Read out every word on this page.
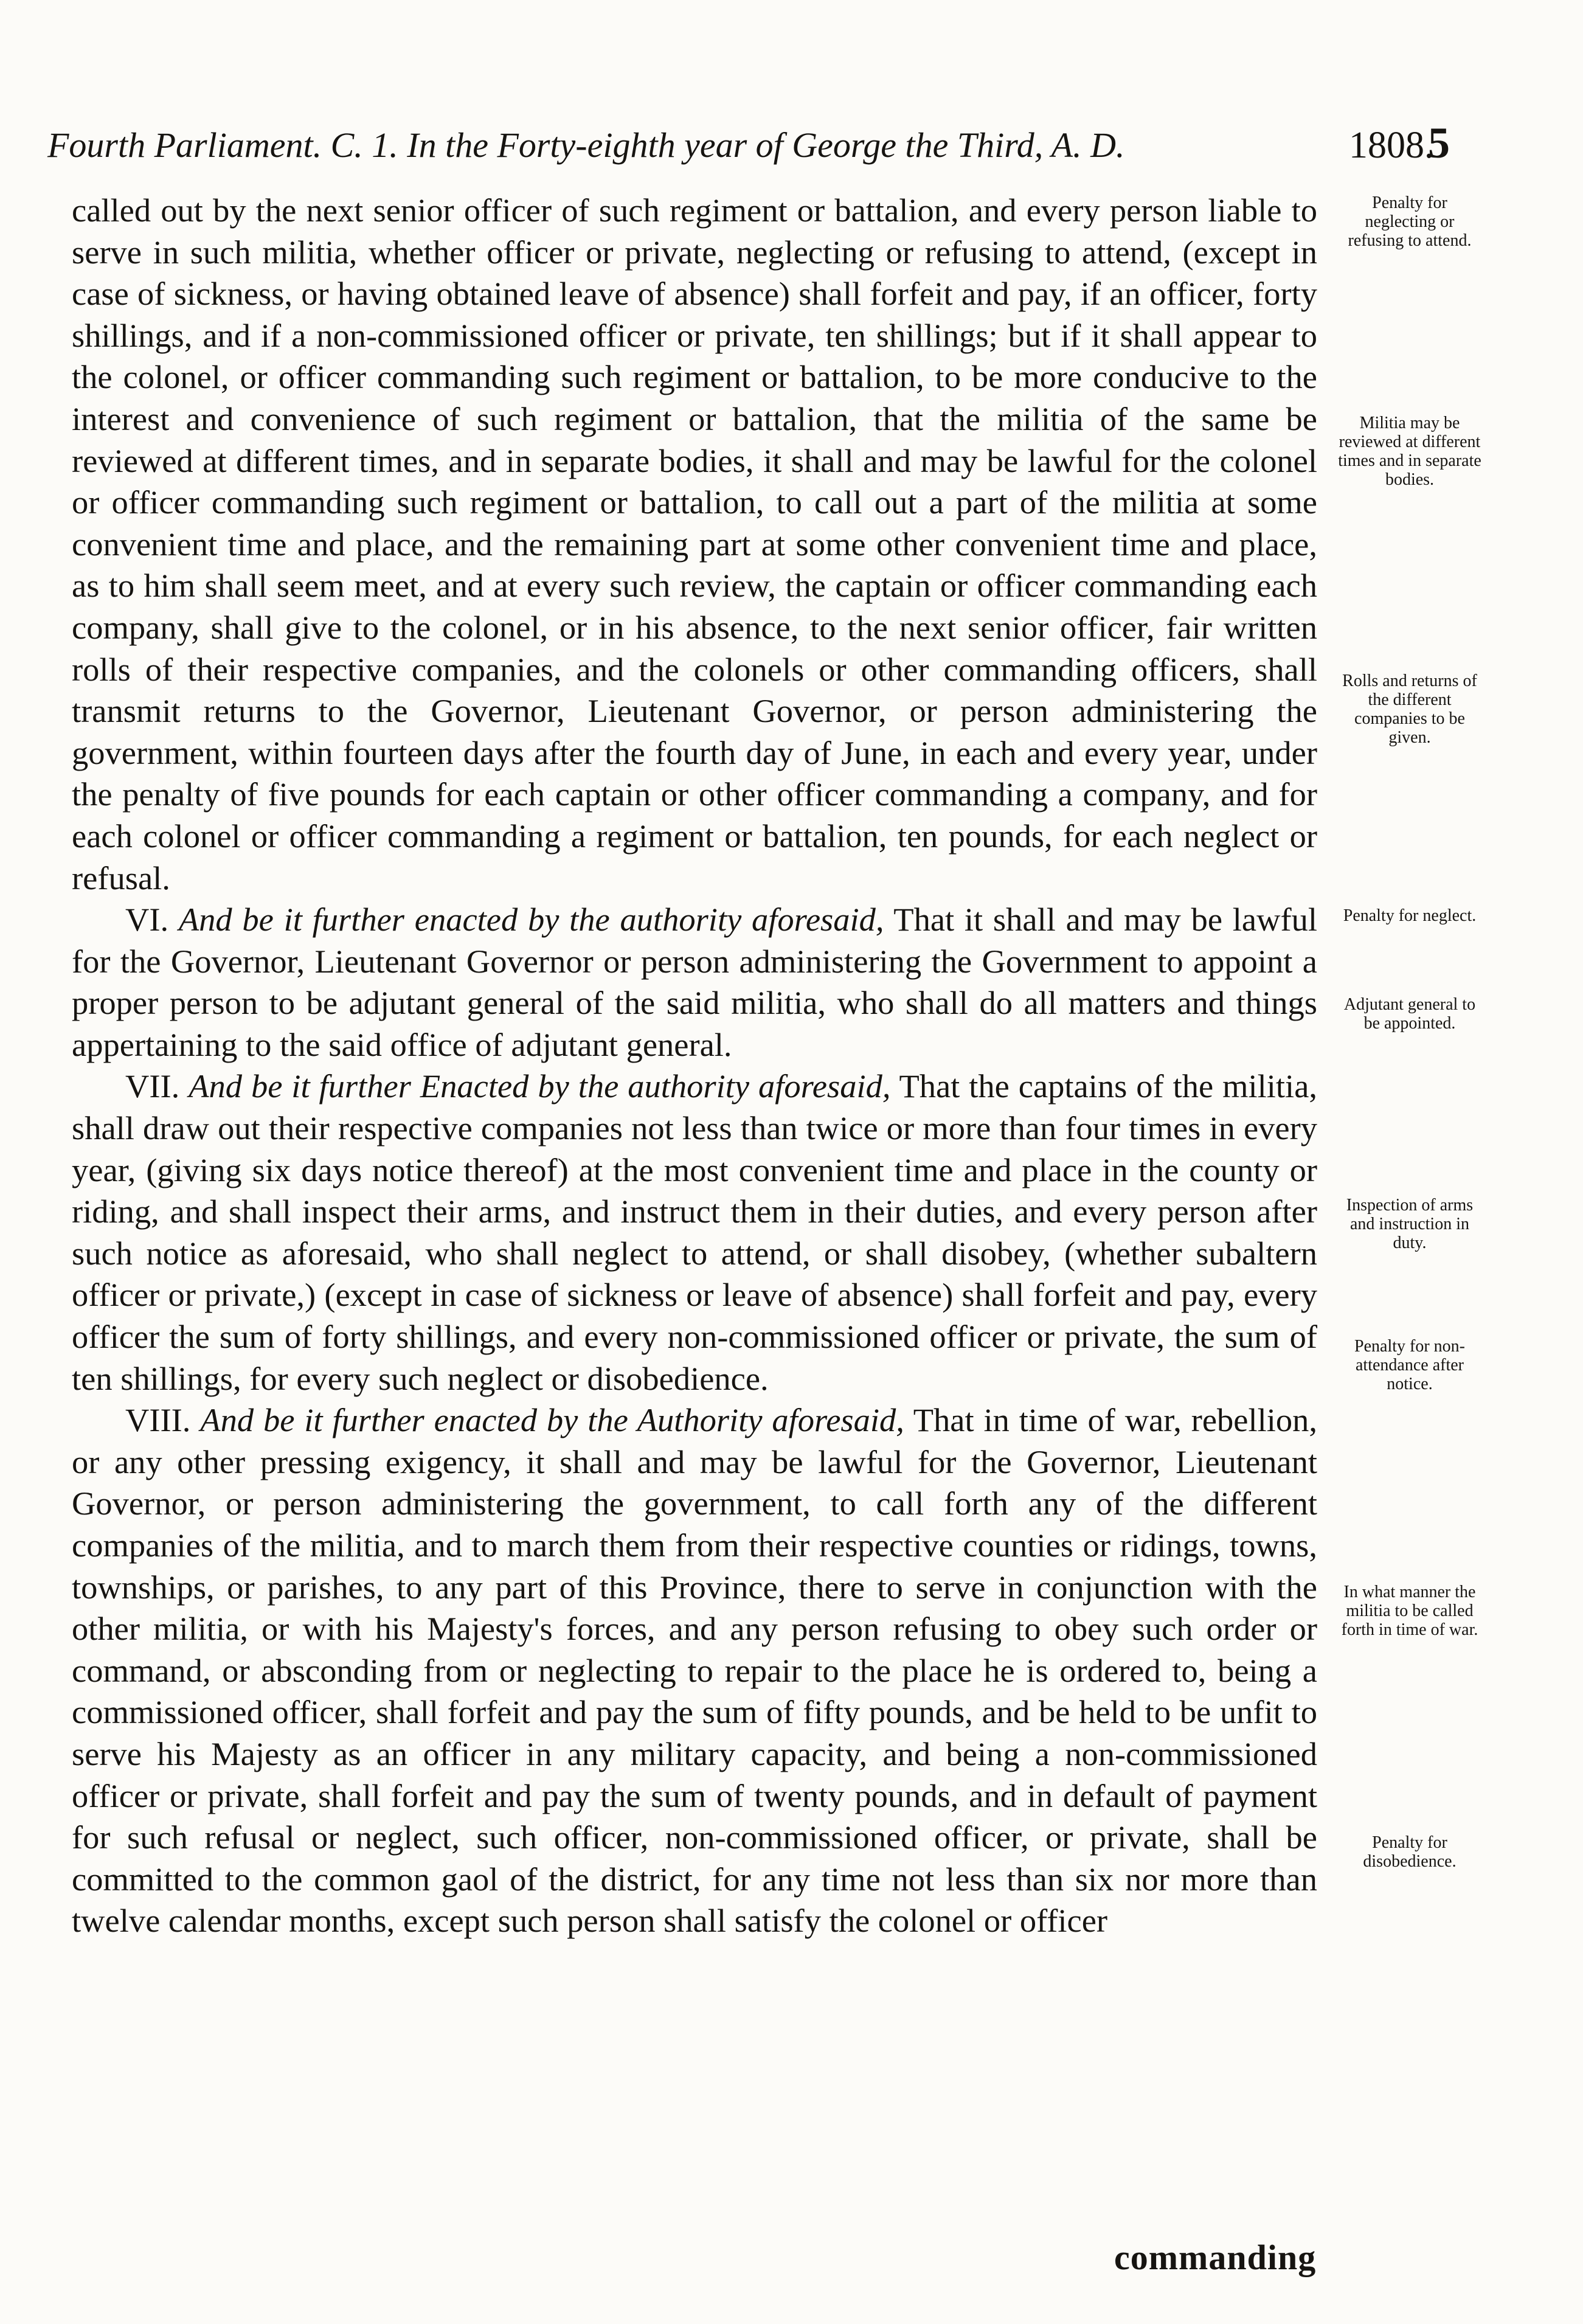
Fourth Parliament. C. 1. In the Forty-eighth year of George the Third, A. D.	1808.
5

called out by the next senior officer of such regiment or battalion, and every person liable to serve in such militia, whether officer or private, neglecting or refusing to attend, (except in case of sickness, or having obtained leave of absence) shall forfeit and pay, if an officer, forty shillings, and if a non-commissioned officer or private, ten shillings; but if it shall appear to the colonel, or officer commanding such regiment or battalion, to be more conducive to the interest and convenience of such regiment or battalion, that the militia of the same be reviewed at different times, and in separate bodies, it shall and may be lawful for the colonel or officer commanding such regiment or battalion, to call out a part of the militia at some convenient time and place, and the remaining part at some other convenient time and place, as to him shall seem meet, and at every such review, the captain or officer commanding each company, shall give to the colonel, or in his absence, to the next senior officer, fair written rolls of their respective companies, and the colonels or other commanding officers, shall transmit returns to the Governor, Lieutenant Governor, or person administering the government, within fourteen days after the fourth day of June, in each and every year, under the penalty of five pounds for each captain or other officer commanding a company, and for each colonel or officer commanding a regiment or battalion, ten pounds, for each neglect or refusal.

VI. And be it further enacted by the authority aforesaid, That it shall and may be lawful for the Governor, Lieutenant Governor or person administering the Government to appoint a proper person to be adjutant general of the said militia, who shall do all matters and things appertaining to the said office of adjutant general.

VII. And be it further Enacted by the authority aforesaid, That the captains of the militia, shall draw out their respective companies not less than twice or more than four times in every year, (giving six days notice thereof) at the most convenient time and place in the county or riding, and shall inspect their arms, and instruct them in their duties, and every person after such notice as aforesaid, who shall neglect to attend, or shall disobey, (whether subaltern officer or private,) (except in case of sickness or leave of absence) shall forfeit and pay, every officer the sum of forty shillings, and every non-commissioned officer or private, the sum of ten shillings, for every such neglect or disobedience.

VIII. And be it further enacted by the Authority aforesaid, That in time of war, rebellion, or any other pressing exigency, it shall and may be lawful for the Governor, Lieutenant Governor, or person administering the government, to call forth any of the different companies of the militia, and to march them from their respective counties or ridings, towns, townships, or parishes, to any part of this Province, there to serve in conjunction with the other militia, or with his Majesty's forces, and any person refusing to obey such order or command, or absconding from or neglecting to repair to the place he is ordered to, being a commissioned officer, shall forfeit and pay the sum of fifty pounds, and be held to be unfit to serve his Majesty as an officer in any military capacity, and being a non-commissioned officer or private, shall forfeit and pay the sum of twenty pounds, and in default of payment for such refusal or neglect, such officer, non-commissioned officer, or private, shall be committed to the common gaol of the district, for any time not less than six nor more than twelve calendar months, except such person shall satisfy the colonel or officer

Penalty for neglecting or refusing to attend.
Militia may be reviewed at different times and in separate bodies.
Rolls and returns of the different companies to be given.
Penalty for neglect.
Adjutant general to be appointed.
Inspection of arms and instruction in duty.
Penalty for non-attendance after notice.
In what manner the militia to be called forth in time of war.
Penalty for disobedience.
commanding
